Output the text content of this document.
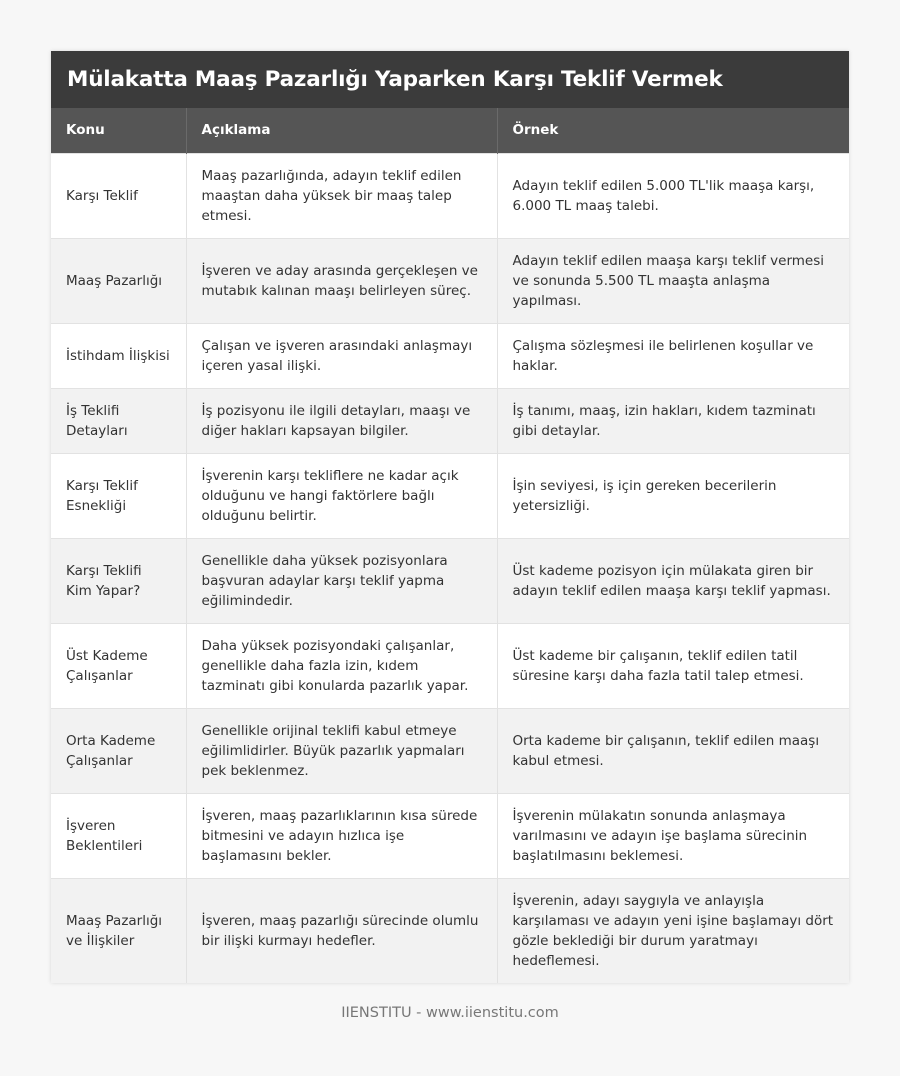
Mülakatta Maaş Pazarlığı Yaparken Karşı Teklif Vermek
Konu	Açıklama	Örnek
Karşı Teklif	Maaş pazarlığında, adayın teklif edilen maaştan daha yüksek bir maaş talep etmesi.	Adayın teklif edilen 5.000 TL'lik maaşa karşı, 6.000 TL maaş talebi.
Maaş Pazarlığı	İşveren ve aday arasında gerçekleşen ve mutabık kalınan maaşı belirleyen süreç.	Adayın teklif edilen maaşa karşı teklif vermesi ve sonunda 5.500 TL maaşta anlaşma yapılması.
İstihdam İlişkisi	Çalışan ve işveren arasındaki anlaşmayı içeren yasal ilişki.	Çalışma sözleşmesi ile belirlenen koşullar ve haklar.
İş Teklifi Detayları	İş pozisyonu ile ilgili detayları, maaşı ve diğer hakları kapsayan bilgiler.	İş tanımı, maaş, izin hakları, kıdem tazminatı gibi detaylar.
Karşı Teklif Esnekliği	İşverenin karşı tekliflere ne kadar açık olduğunu ve hangi faktörlere bağlı olduğunu belirtir.	İşin seviyesi, iş için gereken becerilerin yetersizliği.
Karşı Teklifi Kim Yapar?	Genellikle daha yüksek pozisyonlara başvuran adaylar karşı teklif yapma eğilimindedir.	Üst kademe pozisyon için mülakata giren bir adayın teklif edilen maaşa karşı teklif yapması.
Üst Kademe Çalışanlar	Daha yüksek pozisyondaki çalışanlar, genellikle daha fazla izin, kıdem tazminatı gibi konularda pazarlık yapar.	Üst kademe bir çalışanın, teklif edilen tatil süresine karşı daha fazla tatil talep etmesi.
Orta Kademe Çalışanlar	Genellikle orijinal teklifi kabul etmeye eğilimlidirler. Büyük pazarlık yapmaları pek beklenmez.	Orta kademe bir çalışanın, teklif edilen maaşı kabul etmesi.
İşveren Beklentileri	İşveren, maaş pazarlıklarının kısa sürede bitmesini ve adayın hızlıca işe başlamasını bekler.	İşverenin mülakatın sonunda anlaşmaya varılmasını ve adayın işe başlama sürecinin başlatılmasını beklemesi.
Maaş Pazarlığı ve İlişkiler	İşveren, maaş pazarlığı sürecinde olumlu bir ilişki kurmayı hedefler.	İşverenin, adayı saygıyla ve anlayışla karşılaması ve adayın yeni işine başlamayı dört gözle beklediği bir durum yaratmayı hedeflemesi.
IIENSTITU - www.iienstitu.com
